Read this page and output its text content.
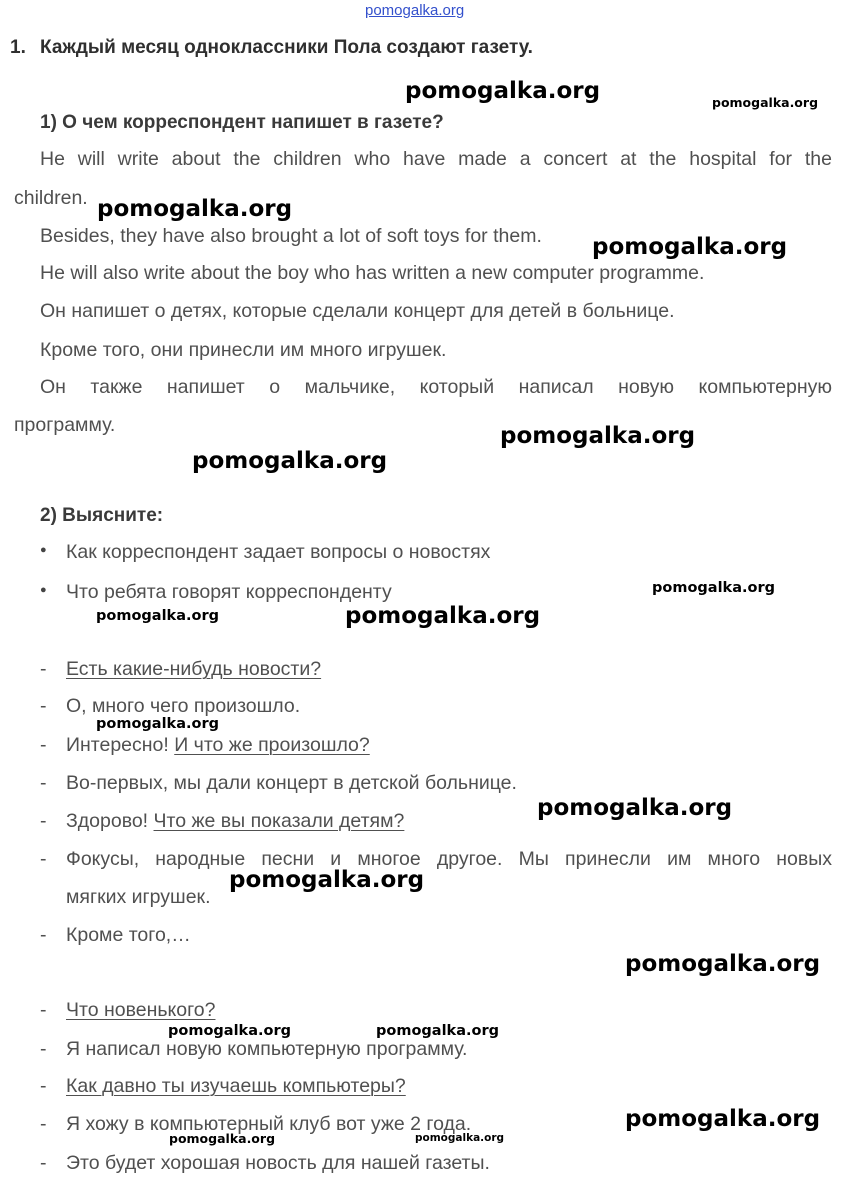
pomogalka.org
1. Каждый месяц одноклассники Пола создают газету.
1) О чем корреспондент напишет в газете?
He will write about the children who have made a concert at the hospital for the
children.
Besides, they have also brought a lot of soft toys for them.
He will also write about the boy who has written a new computer programme.
Он напишет о детях, которые сделали концерт для детей в больнице.
Кроме того, они принесли им много игрушек.
Он также напишет о мальчике, который написал новую компьютерную
программу.
2) Выясните:
● Как корреспондент задает вопросы о новостях
● Что ребята говорят корреспонденту
- Есть какие-нибудь новости?
- О, много чего произошло.
- Интересно! И что же произошло?
- Во-первых, мы дали концерт в детской больнице.
- Здорово! Что же вы показали детям?
- Фокусы, народные песни и многое другое. Мы принесли им много новых
мягких игрушек.
- Кроме того,…
- Что новенького?
- Я написал новую компьютерную программу.
- Как давно ты изучаешь компьютеры?
- Я хожу в компьютерный клуб вот уже 2 года.
- Это будет хорошая новость для нашей газеты.
pomogalka.org	pomogalka.org
pomogalka.org
pomogalka.org
pomogalka.org
pomogalka.org
pomogalka.org
pomogalka.org	pomogalka.org
pomogalka.org
pomogalka.org
pomogalka.org
pomogalka.org
pomogalka.org	pomogalka.org
pomogalka.org
pomogalka.org	pomogalka.org
